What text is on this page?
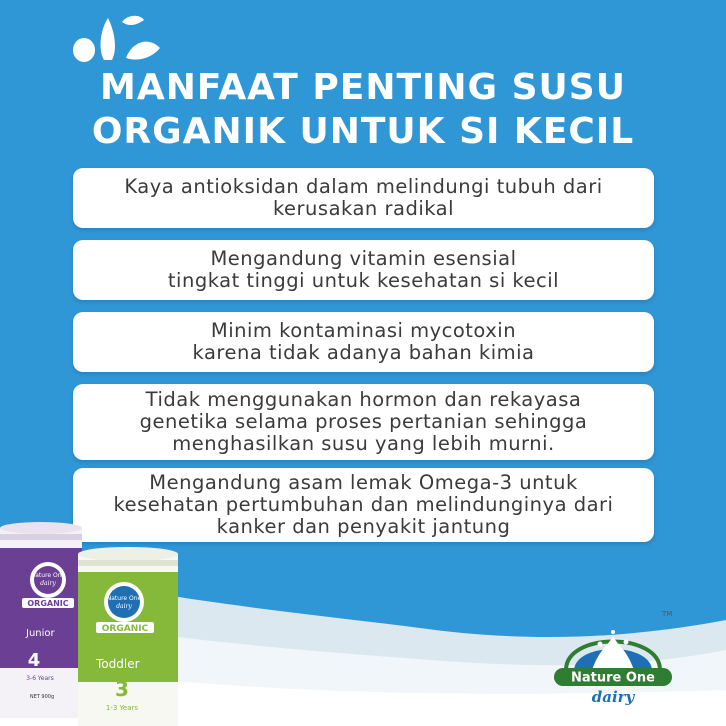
MANFAAT PENTING SUSU
ORGANIK UNTUK SI KECIL
Kaya antioksidan dalam melindungi tubuh dari
kerusakan radikal
Mengandung vitamin esensial
tingkat tinggi untuk kesehatan si kecil
Minim kontaminasi mycotoxin
karena tidak adanya bahan kimia
Tidak menggunakan hormon dan rekayasa
genetika selama proses pertanian sehingga
menghasilkan susu yang lebih murni.
Mengandung asam lemak Omega-3 untuk
kesehatan pertumbuhan dan melindunginya dari
kanker dan penyakit jantung
Nature One
dairy
ORGANIC
Junior
4
3-6 Years
NET 900g
Nature One
dairy
ORGANIC
Toddler
3
1-3 Years
Nature One
dairy
TM
